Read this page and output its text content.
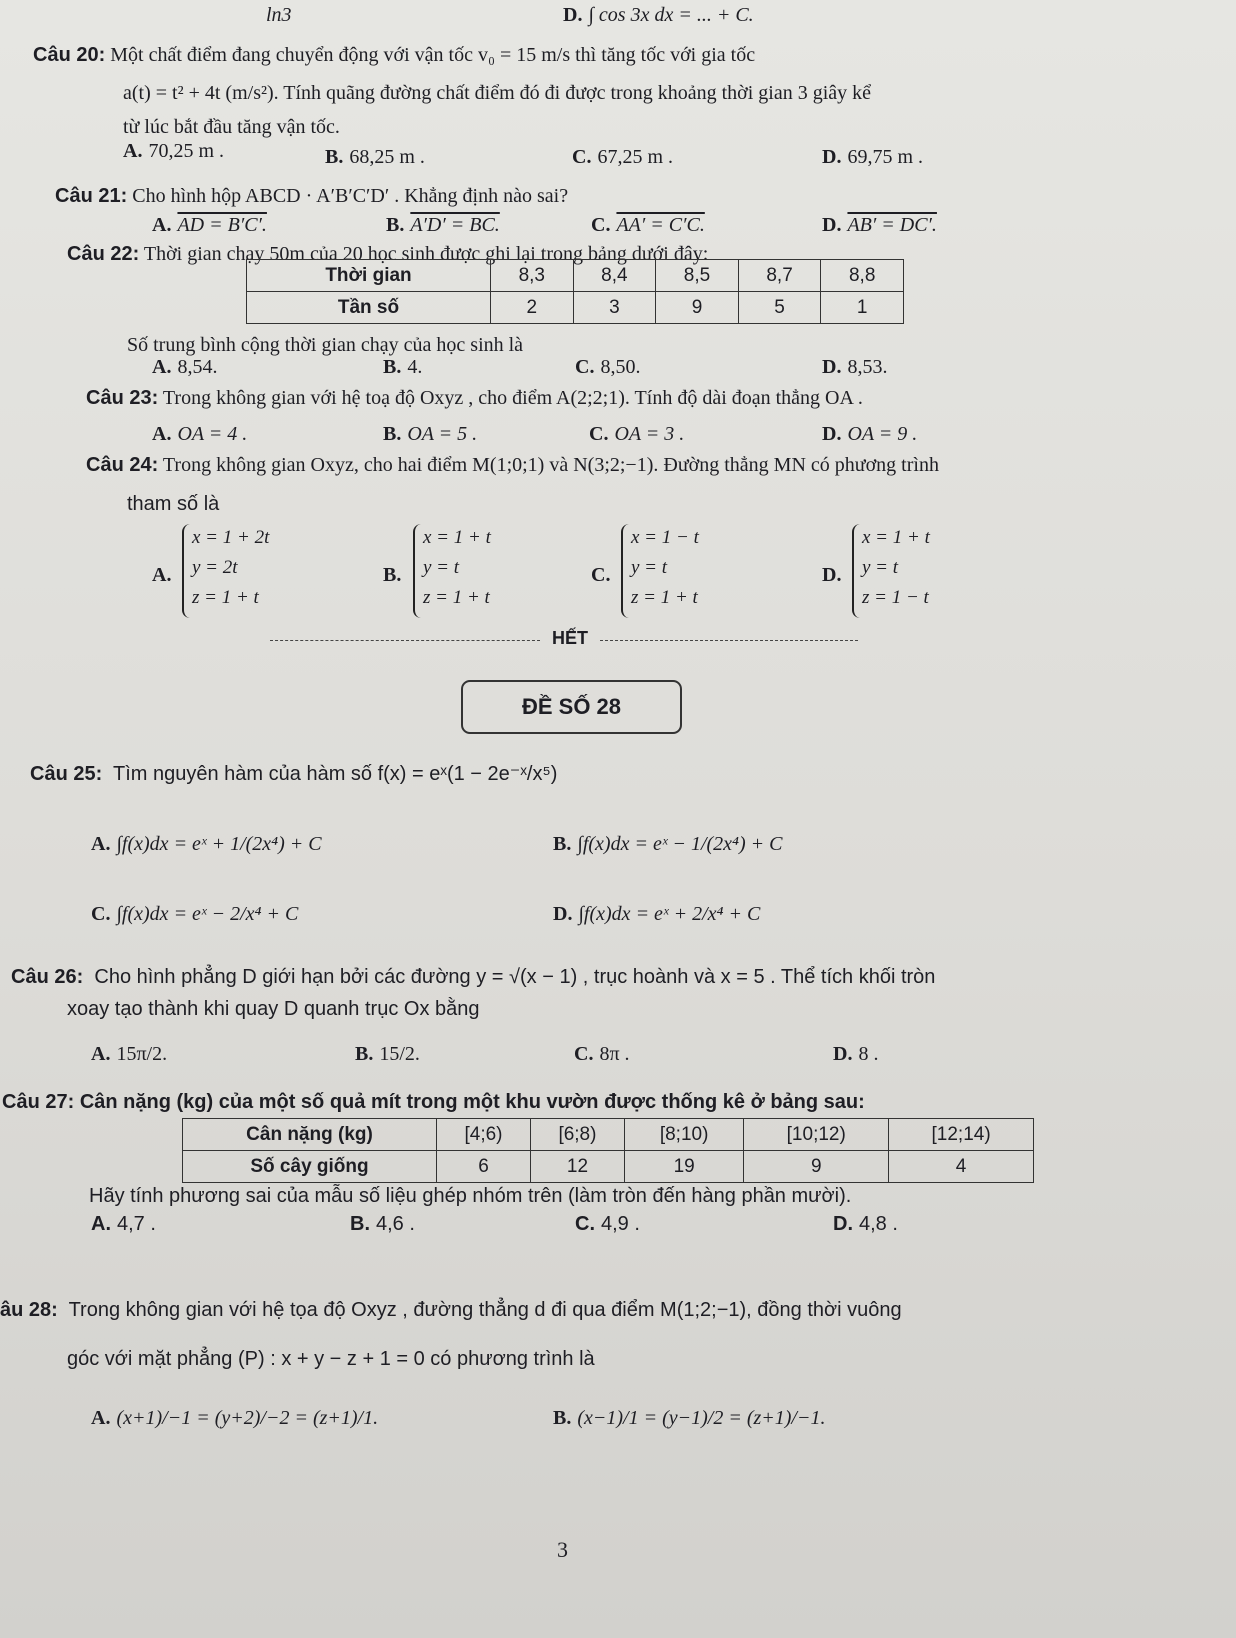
ln3	D. ∫ cos 3x dx = ... + C.
Câu 20: Một chất điểm đang chuyển động với vận tốc v₀ = 15 m/s thì tăng tốc với gia tốc
a(t) = t² + 4t (m/s²). Tính quãng đường chất điểm đó đi được trong khoảng thời gian 3 giây kể
từ lúc bắt đầu tăng vận tốc.
A. 70,25 m .	B. 68,25 m .	C. 67,25 m .	D. 69,75 m .
Câu 21: Cho hình hộp ABCD · A′B′C′D′ . Khẳng định nào sai?
A. AD = B′C′.	B. A′D′ = BC.	C. AA′ = C′C.	D. AB′ = DC′.
Câu 22: Thời gian chạy 50m của 20 học sinh được ghi lại trong bảng dưới đây:
Thời gian	8,3	8,4	8,5	8,7	8,8
Tần số	2	3	9	5	1
Số trung bình cộng thời gian chạy của học sinh là
A. 8,54.	B. 4.	C. 8,50.	D. 8,53.
Câu 23: Trong không gian với hệ toạ độ Oxyz , cho điểm A(2;2;1). Tính độ dài đoạn thẳng OA .
A. OA = 4 .	B. OA = 5 .	C. OA = 3 .	D. OA = 9 .
Câu 24: Trong không gian Oxyz, cho hai điểm M(1;0;1) và N(3;2;−1). Đường thẳng MN có phương trình
tham số là
A.
x = 1 + 2t
y = 2t
z = 1 + t
B.
x = 1 + t
y = t
z = 1 + t
C.
x = 1 − t
y = t
z = 1 + t
D.
x = 1 + t
y = t
z = 1 − t
HẾT
ĐỀ SỐ 28
Câu 25: Tìm nguyên hàm của hàm số f(x) = eˣ(1 − 2e⁻ˣ/x⁵)
A. ∫f(x)dx = eˣ + 1/(2x⁴) + C	B. ∫f(x)dx = eˣ − 1/(2x⁴) + C
C. ∫f(x)dx = eˣ − 2/x⁴ + C	D. ∫f(x)dx = eˣ + 2/x⁴ + C
Câu 26: Cho hình phẳng D giới hạn bởi các đường y = √(x − 1) , trục hoành và x = 5 . Thể tích khối tròn
xoay tạo thành khi quay D quanh trục Ox bằng
A. 15π/2.	B. 15/2.	C. 8π .	D. 8 .
Câu 27: Cân nặng (kg) của một số quả mít trong một khu vườn được thống kê ở bảng sau:
Cân nặng (kg)	[4;6)	[6;8)	[8;10)	[10;12)	[12;14)
Số cây giống	6	12	19	9	4
Hãy tính phương sai của mẫu số liệu ghép nhóm trên (làm tròn đến hàng phần mười).
A. 4,7 .	B. 4,6 .	C. 4,9 .	D. 4,8 .
âu 28: Trong không gian với hệ tọa độ Oxyz , đường thẳng d đi qua điểm M(1;2;−1), đồng thời vuông
góc với mặt phẳng (P) : x + y − z + 1 = 0 có phương trình là
A. (x+1)/−1 = (y+2)/−2 = (z+1)/1.	B. (x−1)/1 = (y−1)/2 = (z+1)/−1.
3
